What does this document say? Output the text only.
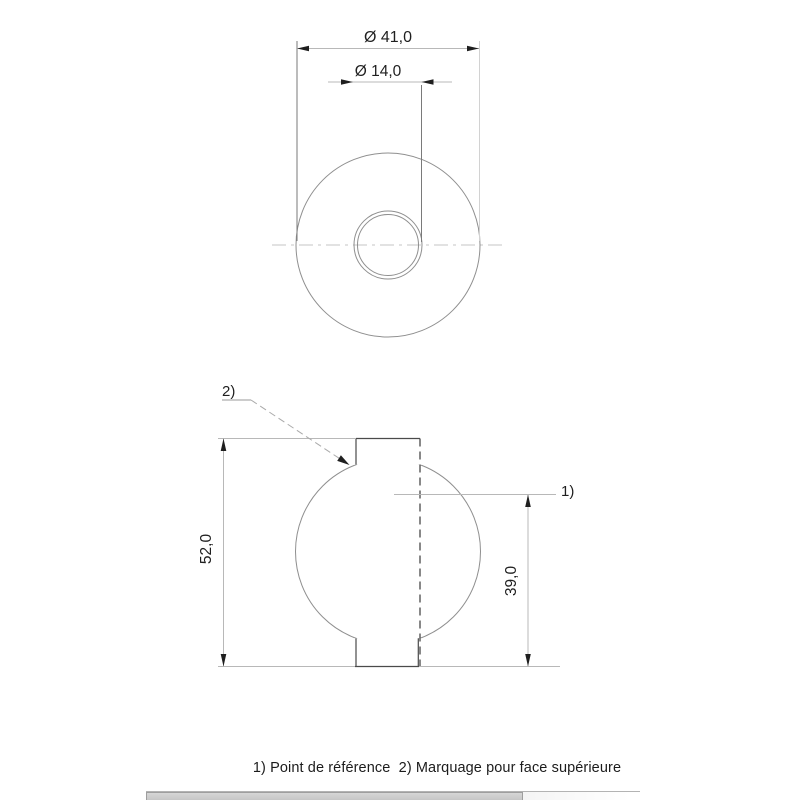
Ø 41,0
Ø 14,0
52,0
39,0
1)
2)
1) Point de référence  2) Marquage pour face supérieure
